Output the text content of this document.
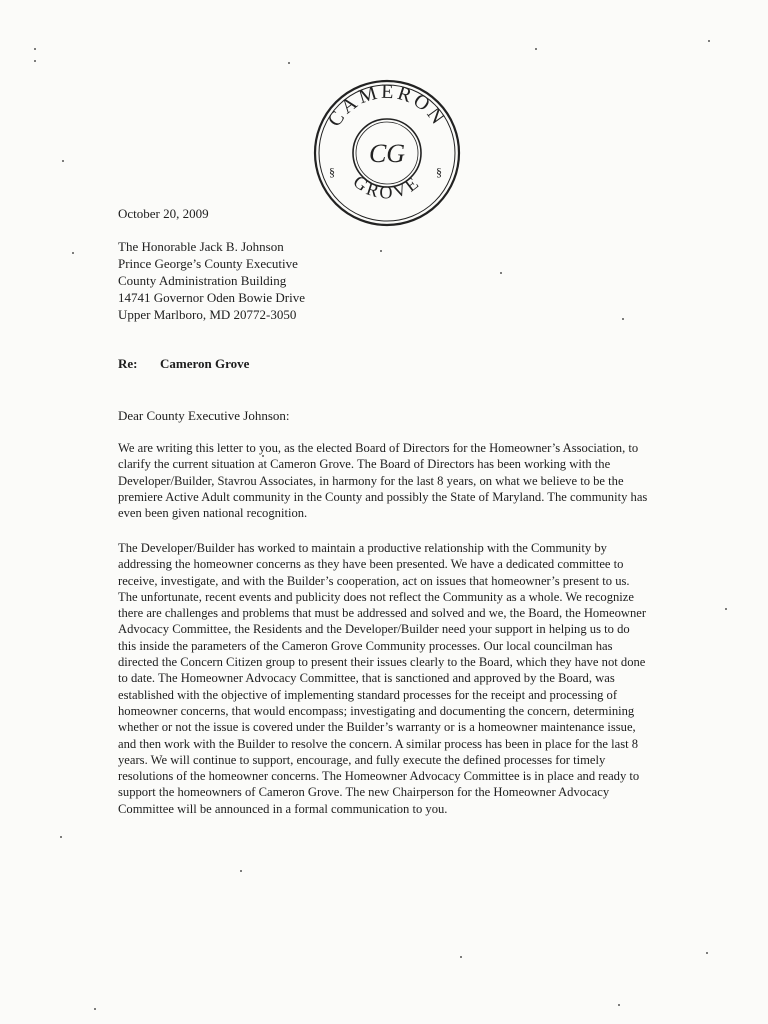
CAMERON
GROVE
CG
§	§
October 20, 2009
The Honorable Jack B. Johnson
Prince George’s County Executive
County Administration Building
14741 Governor Oden Bowie Drive
Upper Marlboro, MD 20772-3050
Re: Cameron Grove
Dear County Executive Johnson:
We are writing this letter to you, as the elected Board of Directors for the Homeowner’s Association, to
clarify the current situation at Cameron Grove. The Board of Directors has been working with the
Developer/Builder, Stavrou Associates, in harmony for the last 8 years, on what we believe to be the
premiere Active Adult community in the County and possibly the State of Maryland. The community has
even been given national recognition.
The Developer/Builder has worked to maintain a productive relationship with the Community by
addressing the homeowner concerns as they have been presented. We have a dedicated committee to
receive, investigate, and with the Builder’s cooperation, act on issues that homeowner’s present to us.
The unfortunate, recent events and publicity does not reflect the Community as a whole. We recognize
there are challenges and problems that must be addressed and solved and we, the Board, the Homeowner
Advocacy Committee, the Residents and the Developer/Builder need your support in helping us to do
this inside the parameters of the Cameron Grove Community processes. Our local councilman has
directed the Concern Citizen group to present their issues clearly to the Board, which they have not done
to date. The Homeowner Advocacy Committee, that is sanctioned and approved by the Board, was
established with the objective of implementing standard processes for the receipt and processing of
homeowner concerns, that would encompass; investigating and documenting the concern, determining
whether or not the issue is covered under the Builder’s warranty or is a homeowner maintenance issue,
and then work with the Builder to resolve the concern. A similar process has been in place for the last 8
years. We will continue to support, encourage, and fully execute the defined processes for timely
resolutions of the homeowner concerns. The Homeowner Advocacy Committee is in place and ready to
support the homeowners of Cameron Grove. The new Chairperson for the Homeowner Advocacy
Committee will be announced in a formal communication to you.
